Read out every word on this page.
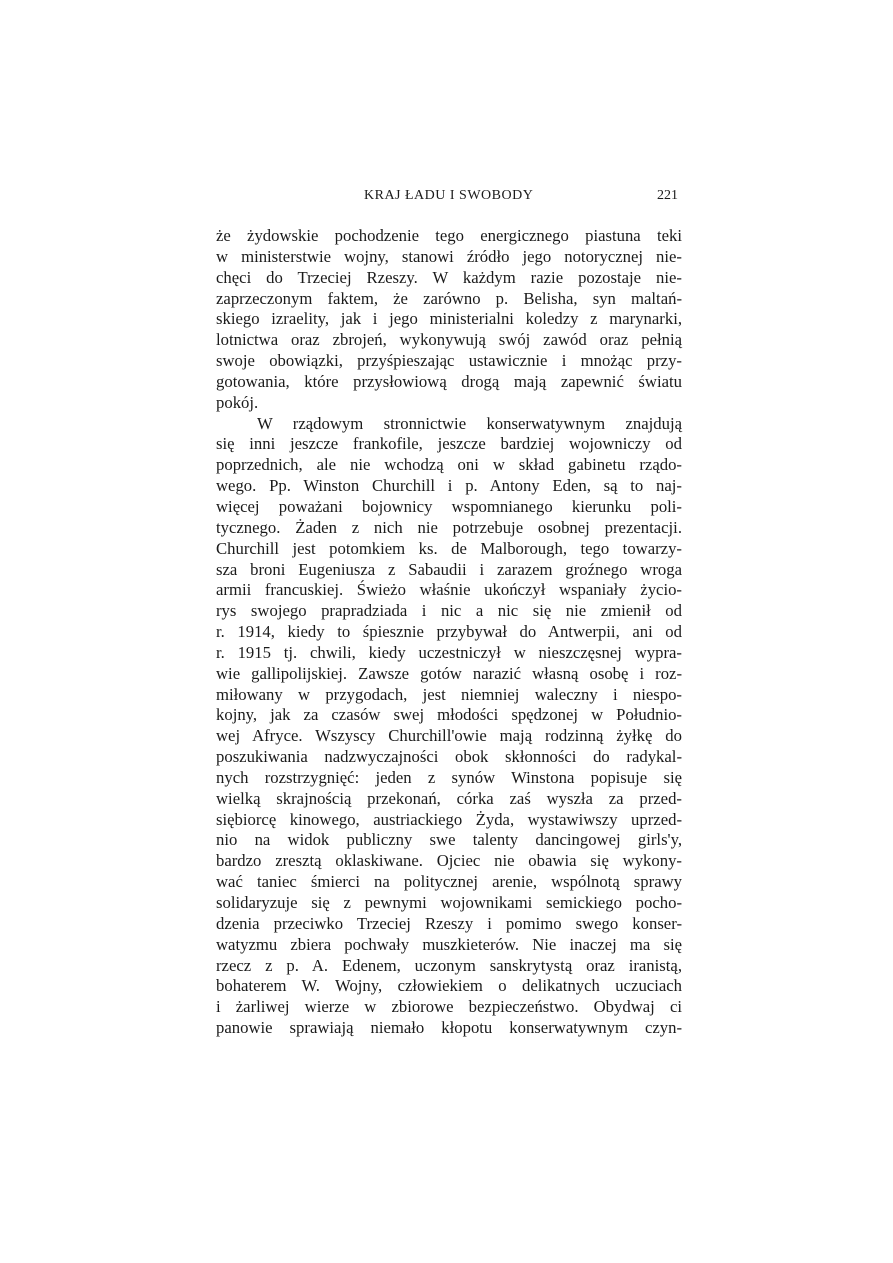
KRAJ ŁADU I SWOBODY	221
że żydowskie pochodzenie tego energicznego piastuna teki
w ministerstwie wojny, stanowi źródło jego notorycznej nie-
chęci do Trzeciej Rzeszy. W każdym razie pozostaje nie-
zaprzeczonym faktem, że zarówno p. Belisha, syn maltań-
skiego izraelity, jak i jego ministerialni koledzy z marynarki,
lotnictwa oraz zbrojeń, wykonywują swój zawód oraz pełnią
swoje obowiązki, przyśpieszając ustawicznie i mnożąc przy-
gotowania, które przysłowiową drogą mają zapewnić światu
pokój.
W rządowym stronnictwie konserwatywnym znajdują
się inni jeszcze frankofile, jeszcze bardziej wojowniczy od
poprzednich, ale nie wchodzą oni w skład gabinetu rządo-
wego. Pp. Winston Churchill i p. Antony Eden, są to naj-
więcej poważani bojownicy wspomnianego kierunku poli-
tycznego. Żaden z nich nie potrzebuje osobnej prezentacji.
Churchill jest potomkiem ks. de Malborough, tego towarzy-
sza broni Eugeniusza z Sabaudii i zarazem groźnego wroga
armii francuskiej. Świeżo właśnie ukończył wspaniały życio-
rys swojego prapradziada i nic a nic się nie zmienił od
r. 1914, kiedy to śpiesznie przybywał do Antwerpii, ani od
r. 1915 tj. chwili, kiedy uczestniczył w nieszczęsnej wypra-
wie gallipolijskiej. Zawsze gotów narazić własną osobę i roz-
miłowany w przygodach, jest niemniej waleczny i niespo-
kojny, jak za czasów swej młodości spędzonej w Południo-
wej Afryce. Wszyscy Churchill'owie mają rodzinną żyłkę do
poszukiwania nadzwyczajności obok skłonności do radykal-
nych rozstrzygnięć: jeden z synów Winstona popisuje się
wielką skrajnością przekonań, córka zaś wyszła za przed-
siębiorcę kinowego, austriackiego Żyda, wystawiwszy uprzed-
nio na widok publiczny swe talenty dancingowej girls'y,
bardzo zresztą oklaskiwane. Ojciec nie obawia się wykony-
wać taniec śmierci na politycznej arenie, wspólnotą sprawy
solidaryzuje się z pewnymi wojownikami semickiego pocho-
dzenia przeciwko Trzeciej Rzeszy i pomimo swego konser-
watyzmu zbiera pochwały muszkieterów. Nie inaczej ma się
rzecz z p. A. Edenem, uczonym sanskrytystą oraz iranistą,
bohaterem W. Wojny, człowiekiem o delikatnych uczuciach
i żarliwej wierze w zbiorowe bezpieczeństwo. Obydwaj ci
panowie sprawiają niemało kłopotu konserwatywnym czyn-
